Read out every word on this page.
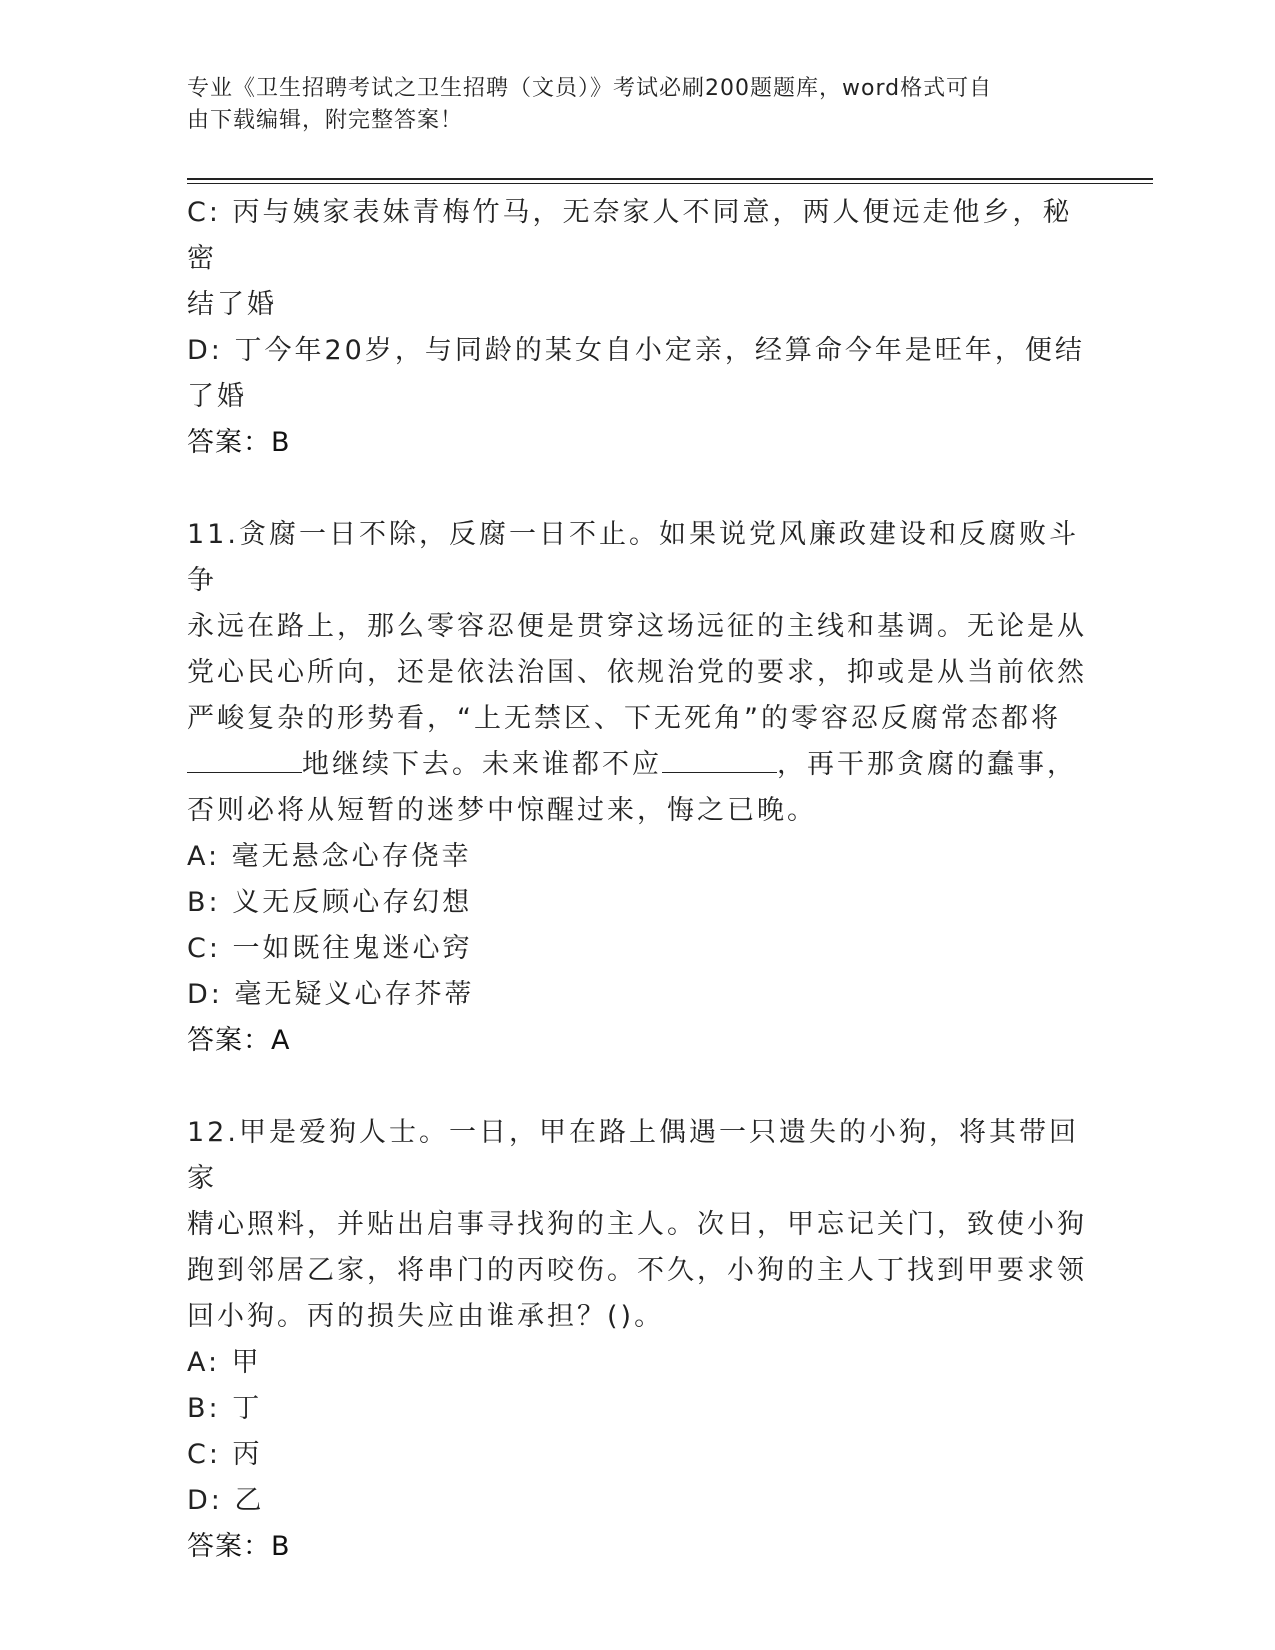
专业《卫生招聘考试之卫生招聘（文员）》考试必刷200题题库，word格式可自
由下载编辑，附完整答案！

C: 丙与姨家表妹青梅竹马，无奈家人不同意，两人便远走他乡，秘密

结了婚

D: 丁今年20岁，与同龄的某女自小定亲，经算命今年是旺年，便结

了婚

答案：B

11.贪腐一日不除，反腐一日不止。如果说党风廉政建设和反腐败斗争

永远在路上，那么零容忍便是贯穿这场远征的主线和基调。无论是从

党心民心所向，还是依法治国、依规治党的要求，抑或是从当前依然

严峻复杂的形势看，“上无禁区、下无死角”的零容忍反腐常态都将

地继续下去。未来谁都不应	，再干那贪腐的蠢事，

否则必将从短暂的迷梦中惊醒过来，悔之已晚。

A: 毫无悬念心存侥幸

B: 义无反顾心存幻想

C: 一如既往鬼迷心窍

D: 毫无疑义心存芥蒂

答案：A

12.甲是爱狗人士。一日，甲在路上偶遇一只遗失的小狗，将其带回家

精心照料，并贴出启事寻找狗的主人。次日，甲忘记关门，致使小狗

跑到邻居乙家，将串门的丙咬伤。不久，小狗的主人丁找到甲要求领

回小狗。丙的损失应由谁承担？()。

A: 甲

B: 丁

C: 丙

D: 乙

答案：B
